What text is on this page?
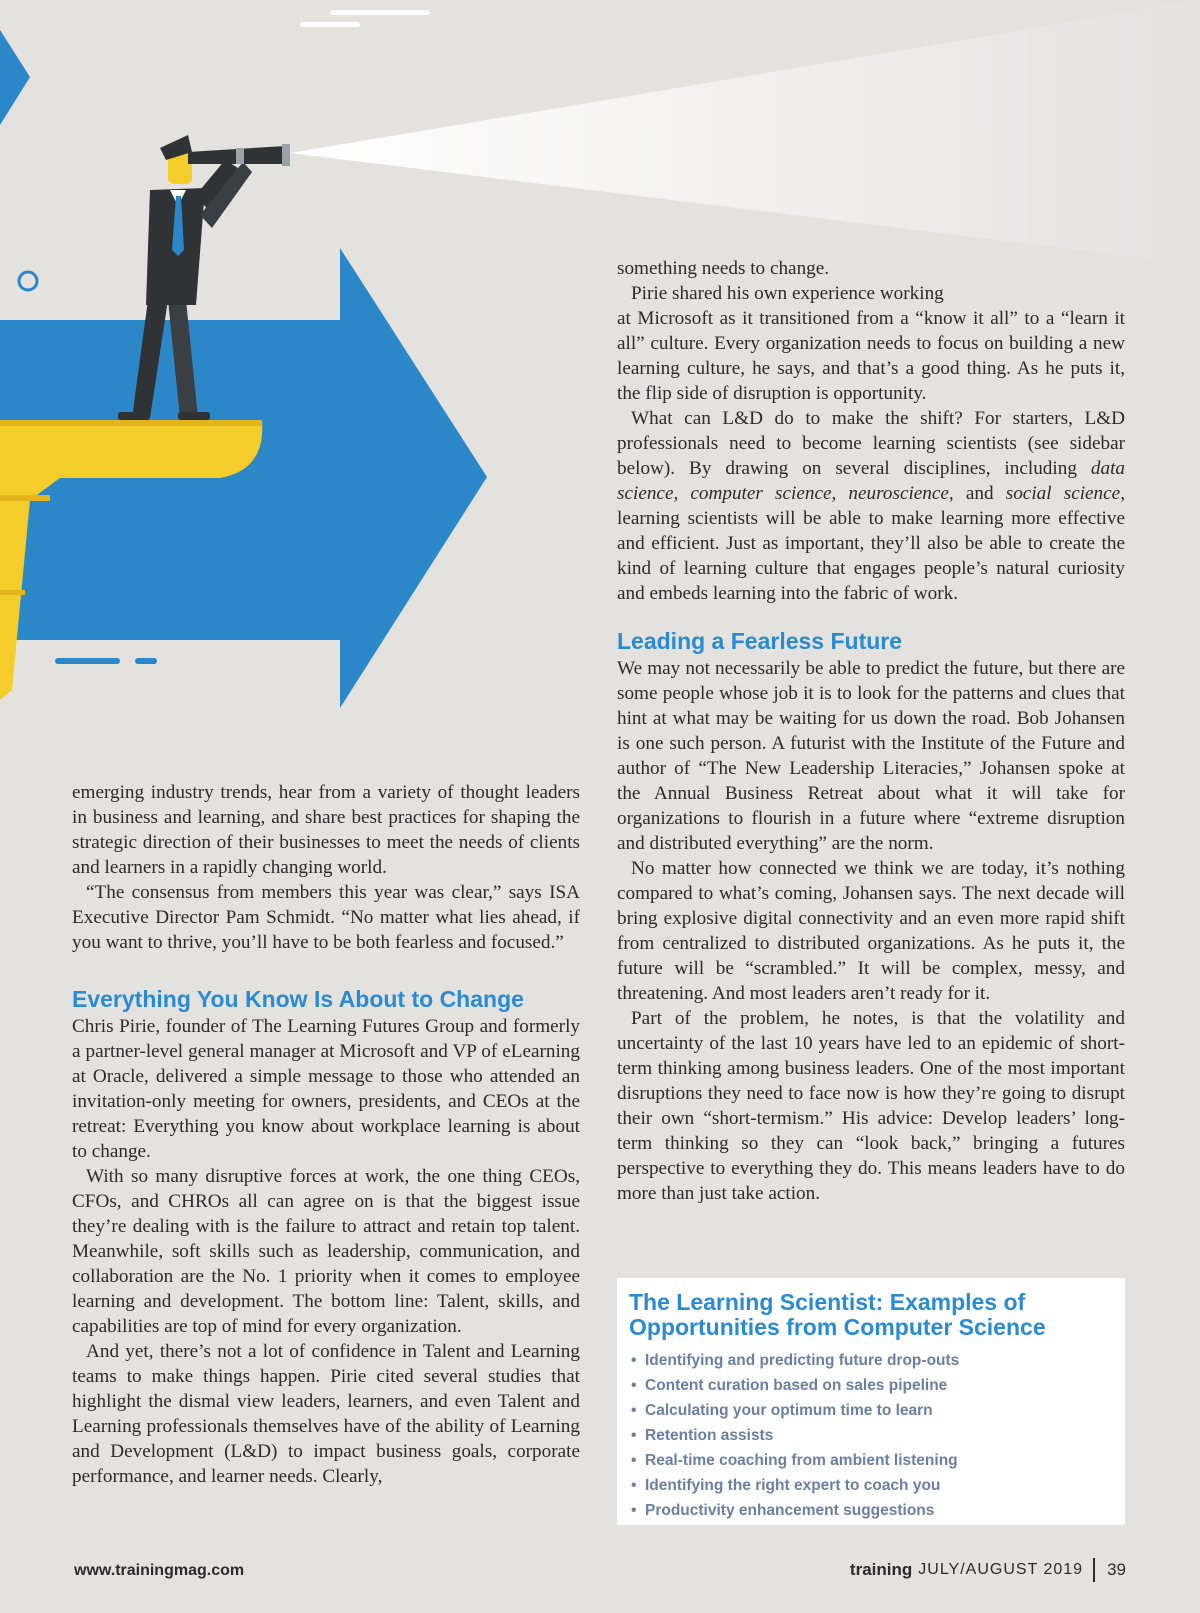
emerging industry trends, hear from a variety of thought leaders in business and learning, and share best practices for shaping the strategic direction of their businesses to meet the needs of clients and learners in a rapidly changing world.

“The consensus from members this year was clear,” says ISA Executive Director Pam Schmidt. “No matter what lies ahead, if you want to thrive, you’ll have to be both fearless and focused.”

Everything You Know Is About to Change

Chris Pirie, founder of The Learning Futures Group and formerly a partner-level general manager at Microsoft and VP of eLearning at Oracle, delivered a simple message to those who attended an invitation-only meeting for owners, presidents, and CEOs at the retreat: Everything you know about workplace learning is about to change.

With so many disruptive forces at work, the one thing CEOs, CFOs, and CHROs all can agree on is that the biggest issue they’re dealing with is the failure to attract and retain top talent. Meanwhile, soft skills such as leadership, communication, and collaboration are the No. 1 priority when it comes to employee learning and development. The bottom line: Talent, skills, and capabilities are top of mind for every organization.

And yet, there’s not a lot of confidence in Talent and Learning teams to make things happen. Pirie cited several studies that highlight the dismal view leaders, learners, and even Talent and Learning professionals themselves have of the ability of Learning and Development (L&D) to impact business goals, corporate performance, and learner needs. Clearly,

something needs to change.

Pirie shared his own experience working

at Microsoft as it transitioned from a “know it all” to a “learn it all” culture. Every organization needs to focus on building a new learning culture, he says, and that’s a good thing. As he puts it, the flip side of disruption is opportunity.

What can L&D do to make the shift? For starters, L&D professionals need to become learning scientists (see sidebar below). By drawing on several disciplines, including data science, computer science, neuroscience, and social science, learning scientists will be able to make learning more effective and efficient. Just as important, they’ll also be able to create the kind of learning culture that engages people’s natural curiosity and embeds learning into the fabric of work.

Leading a Fearless Future

We may not necessarily be able to predict the future, but there are some people whose job it is to look for the patterns and clues that hint at what may be waiting for us down the road. Bob Johansen is one such person. A futurist with the Institute of the Future and author of “The New Leadership Literacies,” Johansen spoke at the Annual Business Retreat about what it will take for organizations to flourish in a future where “extreme disruption and distributed everything” are the norm.

No matter how connected we think we are today, it’s nothing compared to what’s coming, Johansen says. The next decade will bring explosive digital connectivity and an even more rapid shift from centralized to distributed organizations. As he puts it, the future will be “scrambled.” It will be complex, messy, and threatening. And most leaders aren’t ready for it.

Part of the problem, he notes, is that the volatility and uncertainty of the last 10 years have led to an epidemic of short-term thinking among business leaders. One of the most important disruptions they need to face now is how they’re going to disrupt their own “short-termism.” His advice: Develop leaders’ long-term thinking so they can “look back,” bringing a futures perspective to everything they do. This means leaders have to do more than just take action.

The Learning Scientist: Examples of Opportunities from Computer Science
• Identifying and predicting future drop-outs
• Content curation based on sales pipeline
• Calculating your optimum time to learn
• Retention assists
• Real-time coaching from ambient listening
• Identifying the right expert to coach you
• Productivity enhancement suggestions
www.trainingmag.com	training JULY/AUGUST 2019 39
